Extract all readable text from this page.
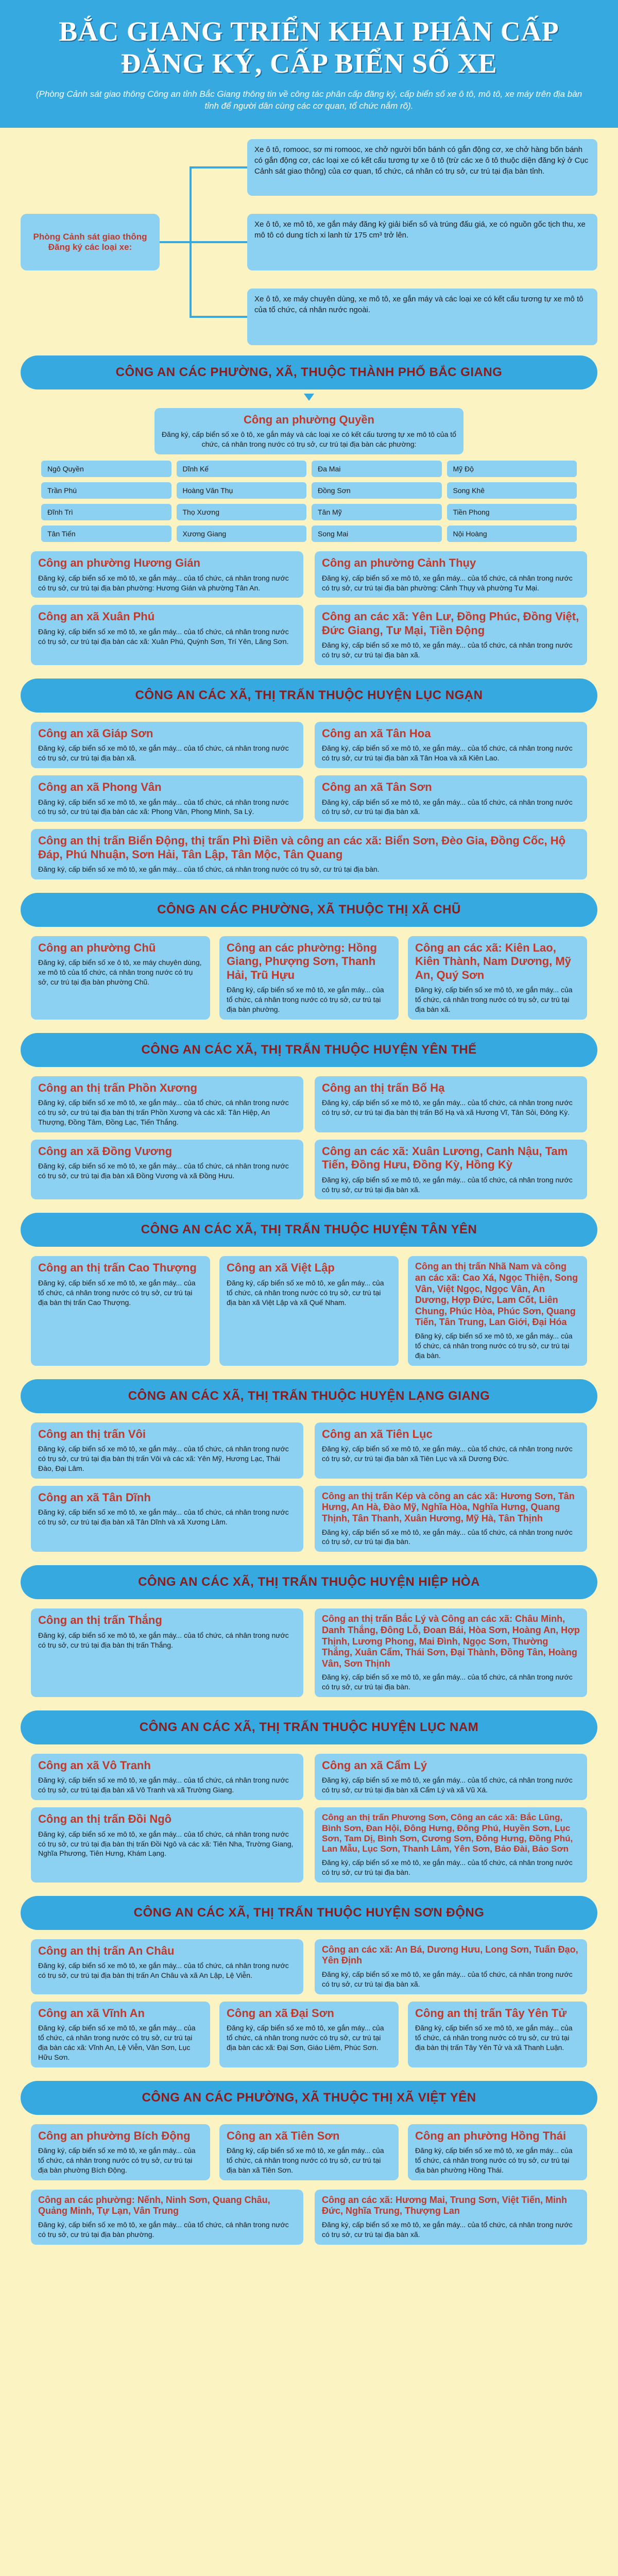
BẮC GIANG TRIỂN KHAI PHÂN CẤP
ĐĂNG KÝ, CẤP BIỂN SỐ XE
(Phòng Cảnh sát giao thông Công an tỉnh Bắc Giang thông tin về công tác phân cấp đăng ký, cấp biển số xe ô tô, mô tô, xe máy trên địa bàn tỉnh để người dân cùng các cơ quan, tổ chức nắm rõ).
Phòng Cảnh sát giao thông Đăng ký các loại xe:
Xe ô tô, romooc, sơ mi romooc, xe chở người bốn bánh có gắn động cơ, xe chở hàng bốn bánh có gắn động cơ, các loại xe có kết cấu tương tự xe ô tô (trừ các xe ô tô thuộc diện đăng ký ở Cục Cảnh sát giao thông) của cơ quan, tổ chức, cá nhân có trụ sở, cư trú tại địa bàn tỉnh.
Xe ô tô, xe mô tô, xe gắn máy đăng ký giải biển số và trúng đấu giá, xe có nguồn gốc tịch thu, xe mô tô có dung tích xi lanh từ 175 cm³ trở lên.
Xe ô tô, xe máy chuyên dùng, xe mô tô, xe gắn máy và các loại xe có kết cấu tương tự xe mô tô của tổ chức, cá nhân nước ngoài.
CÔNG AN CÁC PHƯỜNG, XÃ, THUỘC THÀNH PHỐ BẮC GIANG
Công an phường Quyền
Đăng ký, cấp biển số xe ô tô, xe gắn máy và các loại xe có kết cấu tương tự xe mô tô của tổ chức, cá nhân trong nước có trụ sở, cư trú tại địa bàn các phường:
Ngô Quyền	Dĩnh Kế	Đa Mai	Mỹ Độ
Trần Phú	Hoàng Văn Thụ	Đồng Sơn	Song Khê
Đĩnh Trì	Thọ Xương	Tân Mỹ	Tiền Phong
Tân Tiến	Xương Giang	Song Mai	Nội Hoàng
Công an phường Hương Gián
Đăng ký, cấp biển số xe mô tô, xe gắn máy... của tổ chức, cá nhân trong nước có trụ sở, cư trú tại địa bàn phường: Hương Gián và phường Tân An.
Công an phường Cảnh Thụy
Đăng ký, cấp biển số xe mô tô, xe gắn máy... của tổ chức, cá nhân trong nước có trụ sở, cư trú tại địa bàn phường: Cảnh Thụy và phường Tư Mại.
Công an xã Xuân Phú
Đăng ký, cấp biển số xe mô tô, xe gắn máy... của tổ chức, cá nhân trong nước có trụ sở, cư trú tại địa bàn các xã: Xuân Phú, Quỳnh Sơn, Trí Yên, Lãng Sơn.
Công an các xã: Yên Lư, Đồng Phúc, Đồng Việt, Đức Giang, Tư Mại, Tiền Động
Đăng ký, cấp biển số xe mô tô, xe gắn máy... của tổ chức, cá nhân trong nước có trụ sở, cư trú tại địa bàn xã.
CÔNG AN CÁC XÃ, THỊ TRẤN THUỘC HUYỆN LỤC NGẠN
Công an xã Giáp Sơn
Đăng ký, cấp biển số xe mô tô, xe gắn máy... của tổ chức, cá nhân trong nước có trụ sở, cư trú tại địa bàn xã.
Công an xã Tân Hoa
Đăng ký, cấp biển số xe mô tô, xe gắn máy... của tổ chức, cá nhân trong nước có trụ sở, cư trú tại địa bàn xã Tân Hoa và xã Kiên Lao.
Công an xã Phong Vân
Đăng ký, cấp biển số xe mô tô, xe gắn máy... của tổ chức, cá nhân trong nước có trụ sở, cư trú tại địa bàn các xã: Phong Vân, Phong Minh, Sa Lý.
Công an xã Tân Sơn
Đăng ký, cấp biển số xe mô tô, xe gắn máy... của tổ chức, cá nhân trong nước có trụ sở, cư trú tại địa bàn xã.
Công an thị trấn Biển Động, thị trấn Phì Điền và công an các xã: Biển Sơn, Đèo Gia, Đồng Cốc, Hộ Đáp, Phú Nhuận, Sơn Hải, Tân Lập, Tân Mộc, Tân Quang
Đăng ký, cấp biển số xe mô tô, xe gắn máy... của tổ chức, cá nhân trong nước có trụ sở, cư trú tại địa bàn.
CÔNG AN CÁC PHƯỜNG, XÃ THUỘC THỊ XÃ CHŨ
Công an phường Chũ
Đăng ký, cấp biển số xe ô tô, xe máy chuyên dùng, xe mô tô của tổ chức, cá nhân trong nước có trụ sở, cư trú tại địa bàn phường Chũ.
Công an các phường: Hồng Giang, Phượng Sơn, Thanh Hải, Trũ Hựu
Đăng ký, cấp biển số xe mô tô, xe gắn máy... của tổ chức, cá nhân trong nước có trụ sở, cư trú tại địa bàn phường.
Công an các xã: Kiên Lao, Kiên Thành, Nam Dương, Mỹ An, Quý Sơn
Đăng ký, cấp biển số xe mô tô, xe gắn máy... của tổ chức, cá nhân trong nước có trụ sở, cư trú tại địa bàn xã.
CÔNG AN CÁC XÃ, THỊ TRẤN THUỘC HUYỆN YÊN THẾ
Công an thị trấn Phồn Xương
Đăng ký, cấp biển số xe mô tô, xe gắn máy... của tổ chức, cá nhân trong nước có trụ sở, cư trú tại địa bàn thị trấn Phồn Xương và các xã: Tân Hiệp, An Thượng, Đồng Tâm, Đồng Lạc, Tiến Thắng.
Công an thị trấn Bố Hạ
Đăng ký, cấp biển số xe mô tô, xe gắn máy... của tổ chức, cá nhân trong nước có trụ sở, cư trú tại địa bàn thị trấn Bố Hạ và xã Hương Vĩ, Tân Sỏi, Đông Kỳ.
Công an xã Đồng Vương
Đăng ký, cấp biển số xe mô tô, xe gắn máy... của tổ chức, cá nhân trong nước có trụ sở, cư trú tại địa bàn xã Đồng Vương và xã Đồng Hưu.
Công an các xã: Xuân Lương, Canh Nậu, Tam Tiến, Đồng Hưu, Đồng Kỳ, Hồng Kỳ
Đăng ký, cấp biển số xe mô tô, xe gắn máy... của tổ chức, cá nhân trong nước có trụ sở, cư trú tại địa bàn xã.
CÔNG AN CÁC XÃ, THỊ TRẤN THUỘC HUYỆN TÂN YÊN
Công an thị trấn Cao Thượng
Đăng ký, cấp biển số xe mô tô, xe gắn máy... của tổ chức, cá nhân trong nước có trụ sở, cư trú tại địa bàn thị trấn Cao Thượng.
Công an xã Việt Lập
Đăng ký, cấp biển số xe mô tô, xe gắn máy... của tổ chức, cá nhân trong nước có trụ sở, cư trú tại địa bàn xã Việt Lập và xã Quế Nham.
Công an thị trấn Nhã Nam và công an các xã: Cao Xá, Ngọc Thiện, Song Vân, Việt Ngọc, Ngọc Vân, An Dương, Hợp Đức, Lam Cốt, Liên Chung, Phúc Hòa, Phúc Sơn, Quang Tiến, Tân Trung, Lan Giới, Đại Hóa
Đăng ký, cấp biển số xe mô tô, xe gắn máy... của tổ chức, cá nhân trong nước có trụ sở, cư trú tại địa bàn.
CÔNG AN CÁC XÃ, THỊ TRẤN THUỘC HUYỆN LẠNG GIANG
Công an thị trấn Vôi
Đăng ký, cấp biển số xe mô tô, xe gắn máy... của tổ chức, cá nhân trong nước có trụ sở, cư trú tại địa bàn thị trấn Vôi và các xã: Yên Mỹ, Hương Lạc, Thái Đào, Đại Lâm.
Công an xã Tiên Lục
Đăng ký, cấp biển số xe mô tô, xe gắn máy... của tổ chức, cá nhân trong nước có trụ sở, cư trú tại địa bàn xã Tiên Lục và xã Dương Đức.
Công an xã Tân Dĩnh
Đăng ký, cấp biển số xe mô tô, xe gắn máy... của tổ chức, cá nhân trong nước có trụ sở, cư trú tại địa bàn xã Tân Dĩnh và xã Xương Lâm.
Công an thị trấn Kép và công an các xã: Hương Sơn, Tân Hưng, An Hà, Đào Mỹ, Nghĩa Hòa, Nghĩa Hưng, Quang Thịnh, Tân Thanh, Xuân Hương, Mỹ Hà, Tân Thịnh
Đăng ký, cấp biển số xe mô tô, xe gắn máy... của tổ chức, cá nhân trong nước có trụ sở, cư trú tại địa bàn.
CÔNG AN CÁC XÃ, THỊ TRẤN THUỘC HUYỆN HIỆP HÒA
Công an thị trấn Thắng
Đăng ký, cấp biển số xe mô tô, xe gắn máy... của tổ chức, cá nhân trong nước có trụ sở, cư trú tại địa bàn thị trấn Thắng.
Công an thị trấn Bắc Lý và Công an các xã: Châu Minh, Danh Thắng, Đông Lỗ, Đoan Bái, Hòa Sơn, Hoàng An, Hợp Thịnh, Lương Phong, Mai Đình, Ngọc Sơn, Thường Thắng, Xuân Cẩm, Thái Sơn, Đại Thành, Đồng Tân, Hoàng Vân, Sơn Thịnh
Đăng ký, cấp biển số xe mô tô, xe gắn máy... của tổ chức, cá nhân trong nước có trụ sở, cư trú tại địa bàn.
CÔNG AN CÁC XÃ, THỊ TRẤN THUỘC HUYỆN LỤC NAM
Công an xã Vô Tranh
Đăng ký, cấp biển số xe mô tô, xe gắn máy... của tổ chức, cá nhân trong nước có trụ sở, cư trú tại địa bàn xã Vô Tranh và xã Trường Giang.
Công an xã Cẩm Lý
Đăng ký, cấp biển số xe mô tô, xe gắn máy... của tổ chức, cá nhân trong nước có trụ sở, cư trú tại địa bàn xã Cẩm Lý và xã Vũ Xá.
Công an thị trấn Đồi Ngô
Đăng ký, cấp biển số xe mô tô, xe gắn máy... của tổ chức, cá nhân trong nước có trụ sở, cư trú tại địa bàn thị trấn Đồi Ngô và các xã: Tiên Nha, Trường Giang, Nghĩa Phương, Tiên Hưng, Khám Lạng.
Công an thị trấn Phương Sơn, Công an các xã: Bắc Lũng, Bình Sơn, Đan Hội, Đông Hưng, Đông Phú, Huyền Sơn, Lục Sơn, Tam Dị, Bình Sơn, Cương Sơn, Đông Hưng, Đồng Phú, Lan Mẫu, Lục Sơn, Thanh Lâm, Yên Sơn, Bảo Đài, Bảo Sơn
Đăng ký, cấp biển số xe mô tô, xe gắn máy... của tổ chức, cá nhân trong nước có trụ sở, cư trú tại địa bàn.
CÔNG AN CÁC XÃ, THỊ TRẤN THUỘC HUYỆN SƠN ĐỘNG
Công an thị trấn An Châu
Đăng ký, cấp biển số xe mô tô, xe gắn máy... của tổ chức, cá nhân trong nước có trụ sở, cư trú tại địa bàn thị trấn An Châu và xã An Lập, Lệ Viễn.
Công an các xã: An Bá, Dương Hưu, Long Sơn, Tuấn Đạo, Yên Định
Đăng ký, cấp biển số xe mô tô, xe gắn máy... của tổ chức, cá nhân trong nước có trụ sở, cư trú tại địa bàn xã.
Công an xã Vĩnh An
Đăng ký, cấp biển số xe mô tô, xe gắn máy... của tổ chức, cá nhân trong nước có trụ sở, cư trú tại địa bàn các xã: Vĩnh An, Lệ Viễn, Vân Sơn, Lục Hữu Sơn.
Công an xã Đại Sơn
Đăng ký, cấp biển số xe mô tô, xe gắn máy... của tổ chức, cá nhân trong nước có trụ sở, cư trú tại địa bàn các xã: Đại Sơn, Giáo Liêm, Phúc Sơn.
Công an thị trấn Tây Yên Tử
Đăng ký, cấp biển số xe mô tô, xe gắn máy... của tổ chức, cá nhân trong nước có trụ sở, cư trú tại địa bàn thị trấn Tây Yên Tử và xã Thanh Luận.
CÔNG AN CÁC PHƯỜNG, XÃ THUỘC THỊ XÃ VIỆT YÊN
Công an phường Bích Động
Đăng ký, cấp biển số xe mô tô, xe gắn máy... của tổ chức, cá nhân trong nước có trụ sở, cư trú tại địa bàn phường Bích Động.
Công an xã Tiên Sơn
Đăng ký, cấp biển số xe mô tô, xe gắn máy... của tổ chức, cá nhân trong nước có trụ sở, cư trú tại địa bàn xã Tiên Sơn.
Công an phường Hồng Thái
Đăng ký, cấp biển số xe mô tô, xe gắn máy... của tổ chức, cá nhân trong nước có trụ sở, cư trú tại địa bàn phường Hồng Thái.
Công an các phường: Nếnh, Ninh Sơn, Quang Châu, Quảng Minh, Tự Lạn, Vân Trung
Đăng ký, cấp biển số xe mô tô, xe gắn máy... của tổ chức, cá nhân trong nước có trụ sở, cư trú tại địa bàn phường.
Công an các xã: Hương Mai, Trung Sơn, Việt Tiến, Minh Đức, Nghĩa Trung, Thượng Lan
Đăng ký, cấp biển số xe mô tô, xe gắn máy... của tổ chức, cá nhân trong nước có trụ sở, cư trú tại địa bàn xã.
